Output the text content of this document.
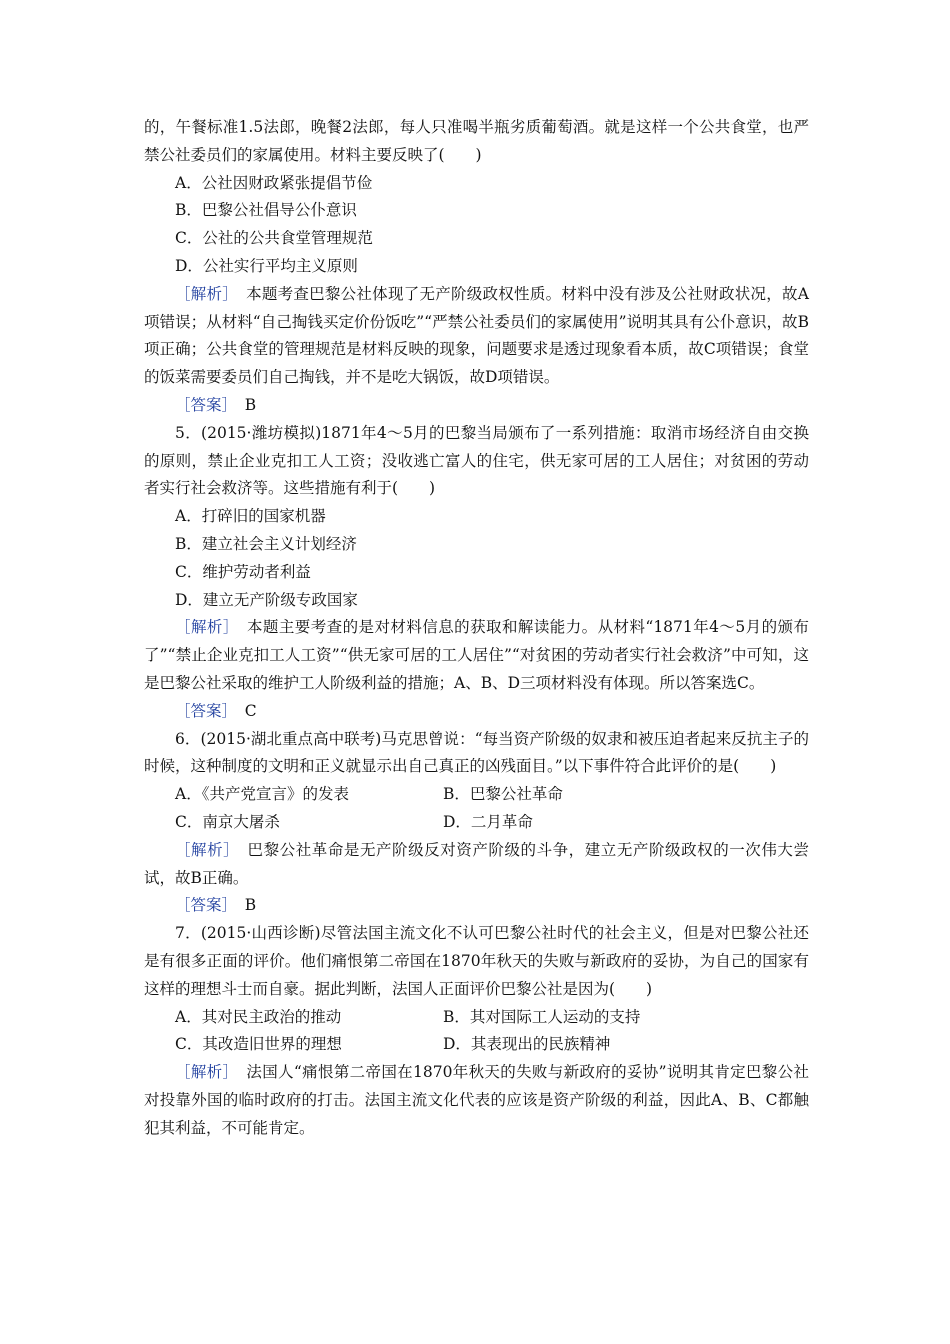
的，午餐标准1.5法郎，晚餐2法郎，每人只准喝半瓶劣质葡萄酒。就是这样一个公共食堂，也严禁公社委员们的家属使用。材料主要反映了(　　)

A．公社因财政紧张提倡节俭

B．巴黎公社倡导公仆意识

C．公社的公共食堂管理规范

D．公社实行平均主义原则

［解析］　本题考查巴黎公社体现了无产阶级政权性质。材料中没有涉及公社财政状况，故A项错误；从材料“自己掏钱买定价份饭吃”“严禁公社委员们的家属使用”说明其具有公仆意识，故B项正确；公共食堂的管理规范是材料反映的现象，问题要求是透过现象看本质，故C项错误；食堂的饭菜需要委员们自己掏钱，并不是吃大锅饭，故D项错误。

［答案］　B

5．(2015·潍坊模拟)1871年4～5月的巴黎当局颁布了一系列措施：取消市场经济自由交换的原则，禁止企业克扣工人工资；没收逃亡富人的住宅，供无家可居的工人居住；对贫困的劳动者实行社会救济等。这些措施有利于(　　)

A．打碎旧的国家机器

B．建立社会主义计划经济

C．维护劳动者利益

D．建立无产阶级专政国家

［解析］　本题主要考查的是对材料信息的获取和解读能力。从材料“1871年4～5月的颁布了”“禁止企业克扣工人工资”“供无家可居的工人居住”“对贫困的劳动者实行社会救济”中可知，这是巴黎公社采取的维护工人阶级利益的措施；A、B、D三项材料没有体现。所以答案选C。

［答案］　C

6．(2015·湖北重点高中联考)马克思曾说：“每当资产阶级的奴隶和被压迫者起来反抗主子的时候，这种制度的文明和正义就显示出自己真正的凶残面目。”以下事件符合此评价的是(　　)

A．《共产党宣言》的发表	B．巴黎公社革命
C．南京大屠杀	D．二月革命

［解析］　巴黎公社革命是无产阶级反对资产阶级的斗争，建立无产阶级政权的一次伟大尝试，故B正确。

［答案］　B

7．(2015·山西诊断)尽管法国主流文化不认可巴黎公社时代的社会主义，但是对巴黎公社还是有很多正面的评价。他们痛恨第二帝国在1870年秋天的失败与新政府的妥协，为自己的国家有这样的理想斗士而自豪。据此判断，法国人正面评价巴黎公社是因为(　　)

A．其对民主政治的推动	B．其对国际工人运动的支持
C．其改造旧世界的理想	D．其表现出的民族精神

［解析］　法国人“痛恨第二帝国在1870年秋天的失败与新政府的妥协”说明其肯定巴黎公社对投靠外国的临时政府的打击。法国主流文化代表的应该是资产阶级的利益，因此A、B、C都触犯其利益，不可能肯定。
